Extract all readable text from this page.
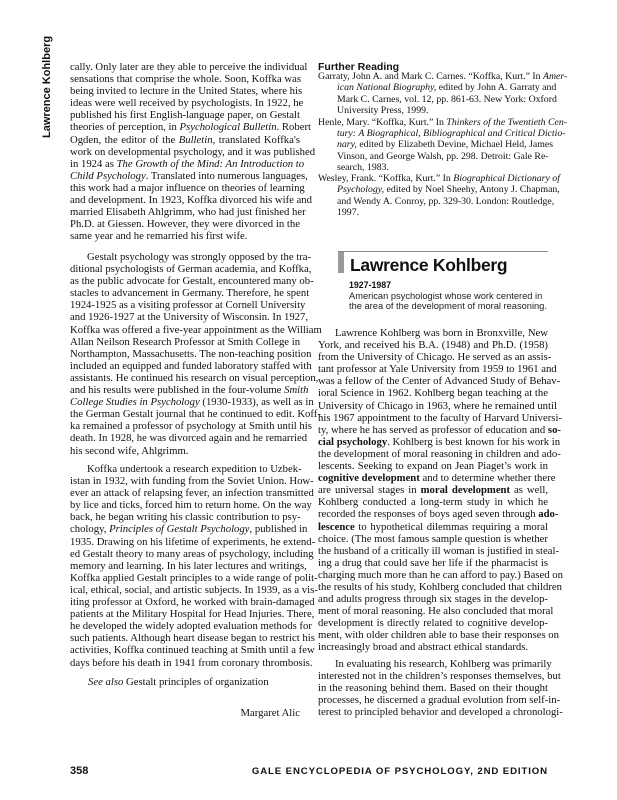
Lawrence Kohlberg cally. Only later are they able to perceive the individual
sensations that comprise the whole. Soon, Koffka was
being invited to lecture in the United States, where his
ideas were well received by psychologists. In 1922, he
published his first English-language paper, on Gestalt
theories of perception, in Psychological Bulletin. Robert
Ogden, the editor of the Bulletin, translated Koffka's
work on developmental psychology, and it was published
in 1924 as The Growth of the Mind: An Introduction to
Child Psychology. Translated into numerous languages,
this work had a major influence on theories of learning
and development. In 1923, Koffka divorced his wife and
married Elisabeth Ahlgrimm, who had just finished her
Ph.D. at Giessen. However, they were divorced in the
same year and he remarried his first wife.
Gestalt psychology was strongly opposed by the tra-
ditional psychologists of German academia, and Koffka,
as the public advocate for Gestalt, encountered many ob-
stacles to advancement in Germany. Therefore, he spent
1924-1925 as a visiting professor at Cornell University
and 1926-1927 at the University of Wisconsin. In 1927,
Koffka was offered a five-year appointment as the William
Allan Neilson Research Professor at Smith College in
Northampton, Massachusetts. The non-teaching position
included an equipped and funded laboratory staffed with
assistants. He continued his research on visual perception,
and his results were published in the four-volume Smith
College Studies in Psychology (1930-1933), as well as in
the German Gestalt journal that he continued to edit. Koff-
ka remained a professor of psychology at Smith until his
death. In 1928, he was divorced again and he remarried
his second wife, Ahlgrimm.
Koffka undertook a research expedition to Uzbek-
istan in 1932, with funding from the Soviet Union. How-
ever an attack of relapsing fever, an infection transmitted
by lice and ticks, forced him to return home. On the way
back, he began writing his classic contribution to psy-
chology, Principles of Gestalt Psychology, published in
1935. Drawing on his lifetime of experiments, he extend-
ed Gestalt theory to many areas of psychology, including
memory and learning. In his later lectures and writings,
Koffka applied Gestalt principles to a wide range of polit-
ical, ethical, social, and artistic subjects. In 1939, as a vis-
iting professor at Oxford, he worked with brain-damaged
patients at the Military Hospital for Head Injuries. There,
he developed the widely adopted evaluation methods for
such patients. Although heart disease began to restrict his
activities, Koffka continued teaching at Smith until a few
days before his death in 1941 from coronary thrombosis.
See also Gestalt principles of organization
Margaret Alic
Further Reading
Garraty, John A. and Mark C. Carnes. “Koffka, Kurt.” In Amer-
ican National Biography, edited by John A. Garraty and
Mark C. Carnes, vol. 12, pp. 861-63. New York: Oxford
University Press, 1999.
Henle, Mary. “Koffka, Kurt.” In Thinkers of the Twentieth Cen-
tury: A Biographical, Bibliographical and Critical Dictio-
nary, edited by Elizabeth Devine, Michael Held, James
Vinson, and George Walsh, pp. 298. Detroit: Gale Re-
search, 1983.
Wesley, Frank. “Koffka, Kurt.” In Biographical Dictionary of
Psychology, edited by Noel Sheehy, Antony J. Chapman,
and Wendy A. Conroy, pp. 329-30. London: Routledge,
1997.
Lawrence Kohlberg
1927-1987
American psychologist whose work centered in the area of the development of moral reasoning.
Lawrence Kohlberg was born in Bronxville, New
York, and received his B.A. (1948) and Ph.D. (1958)
from the University of Chicago. He served as an assis-
tant professor at Yale University from 1959 to 1961 and
was a fellow of the Center of Advanced Study of Behav-
ioral Science in 1962. Kohlberg began teaching at the
University of Chicago in 1963, where he remained until
his 1967 appointment to the faculty of Harvard Universi-
ty, where he has served as professor of education and so-
cial psychology. Kohlberg is best known for his work in
the development of moral reasoning in children and ado-
lescents. Seeking to expand on Jean Piaget’s work in
cognitive development and to determine whether there
are universal stages in moral development as well,
Kohlberg conducted a long-term study in which he
recorded the responses of boys aged seven through ado-
lescence to hypothetical dilemmas requiring a moral
choice. (The most famous sample question is whether
the husband of a critically ill woman is justified in steal-
ing a drug that could save her life if the pharmacist is
charging much more than he can afford to pay.) Based on
the results of his study, Kohlberg concluded that children
and adults progress through six stages in the develop-
ment of moral reasoning. He also concluded that moral
development is directly related to cognitive develop-
ment, with older children able to base their responses on
increasingly broad and abstract ethical standards.
In evaluating his research, Kohlberg was primarily
interested not in the children’s responses themselves, but
in the reasoning behind them. Based on their thought
processes, he discerned a gradual evolution from self-in-
terest to principled behavior and developed a chronologi-
358	GALE ENCYCLOPEDIA OF PSYCHOLOGY, 2ND EDITION
